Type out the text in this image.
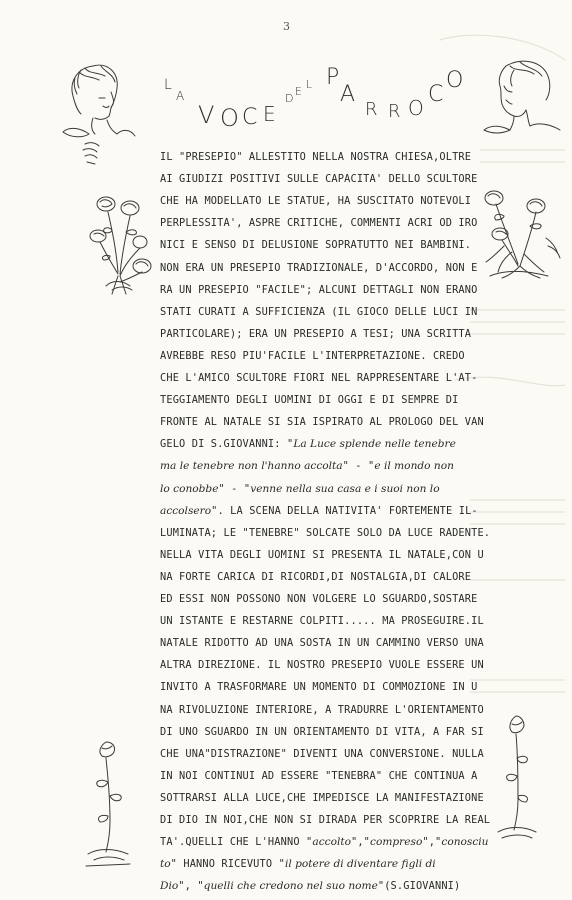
3
L
A
V O C E
D
E
L P
A
R R O
C
O
IL "PRESEPIO" ALLESTITO NELLA NOSTRA CHIESA,OLTRE
AI GIUDIZI POSITIVI SULLE CAPACITA' DELLO SCULTORE
CHE HA MODELLATO LE STATUE, HA SUSCITATO NOTEVOLI
PERPLESSITA', ASPRE CRITICHE, COMMENTI ACRI OD IRO
NICI E SENSO DI DELUSIONE SOPRATUTTO NEI BAMBINI.
NON ERA UN PRESEPIO TRADIZIONALE, D'ACCORDO, NON E
RA UN PRESEPIO "FACILE"; ALCUNI DETTAGLI NON ERANO
STATI CURATI A SUFFICIENZA (IL GIOCO DELLE LUCI IN
PARTICOLARE); ERA UN PRESEPIO A TESI; UNA SCRITTA
AVREBBE RESO PIU'FACILE L'INTERPRETAZIONE. CREDO
CHE L'AMICO SCULTORE FIORI NEL RAPPRESENTARE L'AT-
TEGGIAMENTO DEGLI UOMINI DI OGGI E DI SEMPRE DI
FRONTE AL NATALE SI SIA ISPIRATO AL PROLOGO DEL VAN
GELO DI S.GIOVANNI: "La Luce splende nelle tenebre
ma le tenebre non l'hanno accolta" - "e il mondo non
lo conobbe" - "venne nella sua casa e i suoi non lo
accolsero". LA SCENA DELLA NATIVITA' FORTEMENTE IL-
LUMINATA; LE "TENEBRE" SOLCATE SOLO DA LUCE RADENTE.
NELLA VITA DEGLI UOMINI SI PRESENTA IL NATALE,CON U
NA FORTE CARICA DI RICORDI,DI NOSTALGIA,DI CALORE
ED ESSI NON POSSONO NON VOLGERE LO SGUARDO,SOSTARE
UN ISTANTE E RESTARNE COLPITI..... MA PROSEGUIRE.IL
NATALE RIDOTTO AD UNA SOSTA IN UN CAMMINO VERSO UNA
ALTRA DIREZIONE. IL NOSTRO PRESEPIO VUOLE ESSERE UN
INVITO A TRASFORMARE UN MOMENTO DI COMMOZIONE IN U
NA RIVOLUZIONE INTERIORE, A TRADURRE L'ORIENTAMENTO
DI UNO SGUARDO IN UN ORIENTAMENTO DI VITA, A FAR SI
CHE UNA"DISTRAZIONE" DIVENTI UNA CONVERSIONE. NULLA
IN NOI CONTINUI AD ESSERE "TENEBRA" CHE CONTINUA A
SOTTRARSI ALLA LUCE,CHE IMPEDISCE LA MANIFESTAZIONE
DI DIO IN NOI,CHE NON SI DIRADA PER SCOPRIRE LA REAL
TA'.QUELLI CHE L'HANNO "accolto","compreso","conosciu
to" HANNO RICEVUTO "il potere di diventare figli di
Dio", "quelli che credono nel suo nome"(S.GIOVANNI)
